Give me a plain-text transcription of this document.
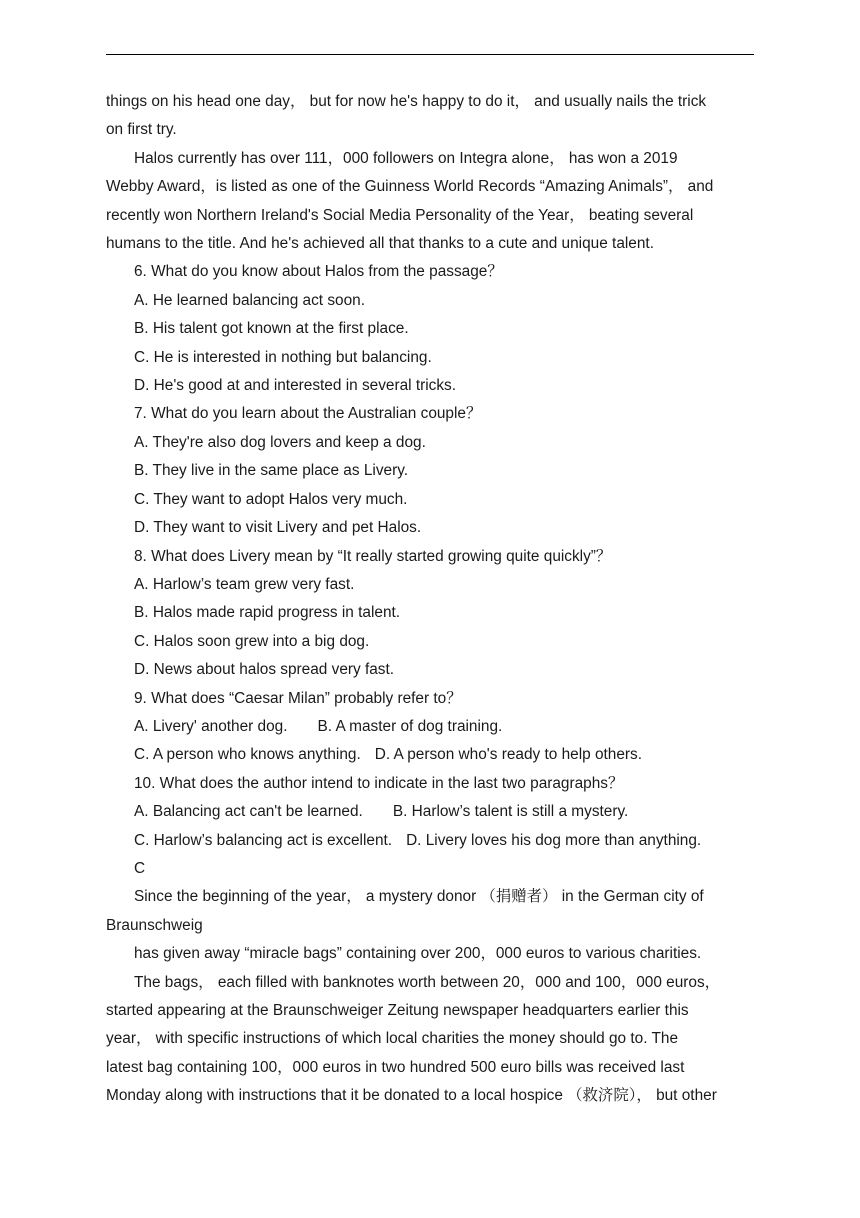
things on his head one day， but for now he's happy to do it， and usually nails the trick

on first try.

Halos currently has over 111，000 followers on Integra alone， has won a 2019

Webby Award，is listed as one of the Guinness World Records “Amazing Animals”， and

recently won Northern Ireland's Social Media Personality of the Year， beating several

humans to the title. And he's achieved all that thanks to a cute and unique talent.

6. What do you know about Halos from the passage？

A. He learned balancing act soon.

B. His talent got known at the first place.

C. He is interested in nothing but balancing.

D. He's good at and interested in several tricks.

7. What do you learn about the Australian couple？

A. They're also dog lovers and keep a dog.

B. They live in the same place as Livery.

C. They want to adopt Halos very much.

D. They want to visit Livery and pet Halos.

8. What does Livery mean by “It really started growing quite quickly”？

A. Harlow’s team grew very fast.

B. Halos made rapid progress in talent.

C. Halos soon grew into a big dog.

D. News about halos spread very fast.

9. What does “Caesar Milan” probably refer to？

A. Livery' another dog. B. A master of dog training.

C. A person who knows anything. D. A person who's ready to help others.

10. What does the author intend to indicate in the last two paragraphs？

A. Balancing act can't be learned. B. Harlow’s talent is still a mystery.

C. Harlow’s balancing act is excellent. D. Livery loves his dog more than anything.

C

Since the beginning of the year， a mystery donor （捐赠者） in the German city of

Braunschweig

has given away “miracle bags” containing over 200，000 euros to various charities.

The bags， each filled with banknotes worth between 20，000 and 100，000 euros，

started appearing at the Braunschweiger Zeitung newspaper headquarters earlier this

year， with specific instructions of which local charities the money should go to. The

latest bag containing 100，000 euros in two hundred 500 euro bills was received last

Monday along with instructions that it be donated to a local hospice （救济院）， but other
